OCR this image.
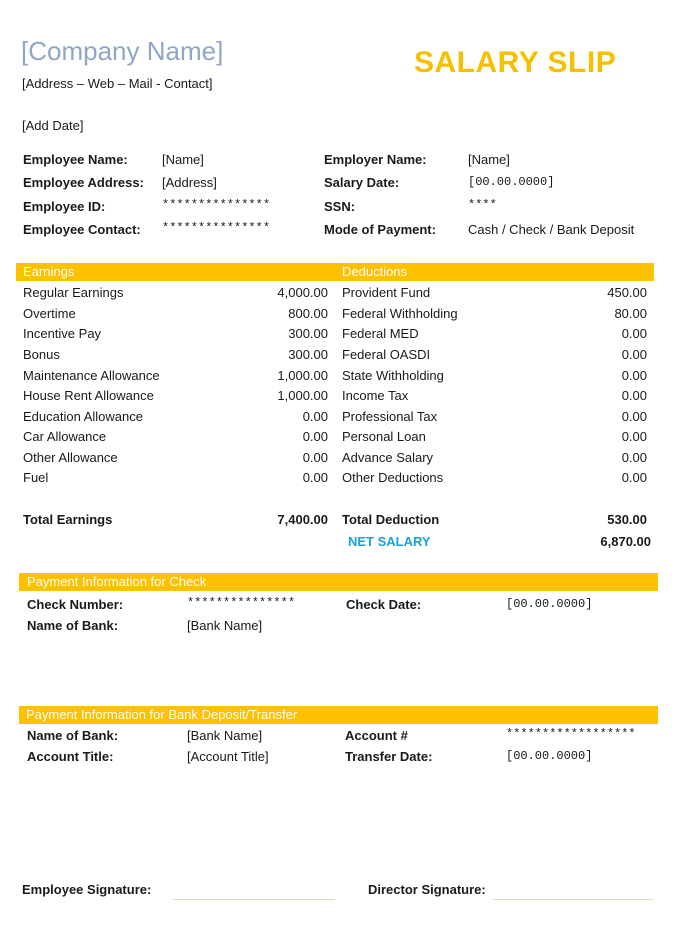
[Company Name]
[Address – Web – Mail - Contact]
SALARY SLIP
[Add Date]
Employee Name:	[Name]
Employee Address: [Address]
Employee ID:	***************
Employee Contact: ***************
Employer Name:	[Name]
Salary Date:	[00.00.0000]
SSN:	****
Mode of Payment: Cash / Check / Bank Deposit
Earnings	Deductions
Regular Earnings	4,000.00 Provident Fund	450.00
Overtime	800.00 Federal Withholding	80.00
Incentive Pay	300.00 Federal MED	0.00
Bonus	300.00 Federal OASDI	0.00
Maintenance Allowance	1,000.00 State Withholding	0.00
House Rent Allowance	1,000.00 Income Tax	0.00
Education Allowance	0.00 Professional Tax	0.00
Car Allowance	0.00 Personal Loan	0.00
Other Allowance	0.00 Advance Salary	0.00
Fuel	0.00 Other Deductions	0.00
Total Earnings	7,400.00 Total Deduction	530.00
NET SALARY	6,870.00
Payment Information for Check
Check Number:	***************	Check Date:	[00.00.0000]
Name of Bank:	[Bank Name]
Payment Information for Bank Deposit/Transfer
Name of Bank:	[Bank Name]	Account #	******************
Account Title:	[Account Title]	Transfer Date:	[00.00.0000]
Employee Signature:	Director Signature:
